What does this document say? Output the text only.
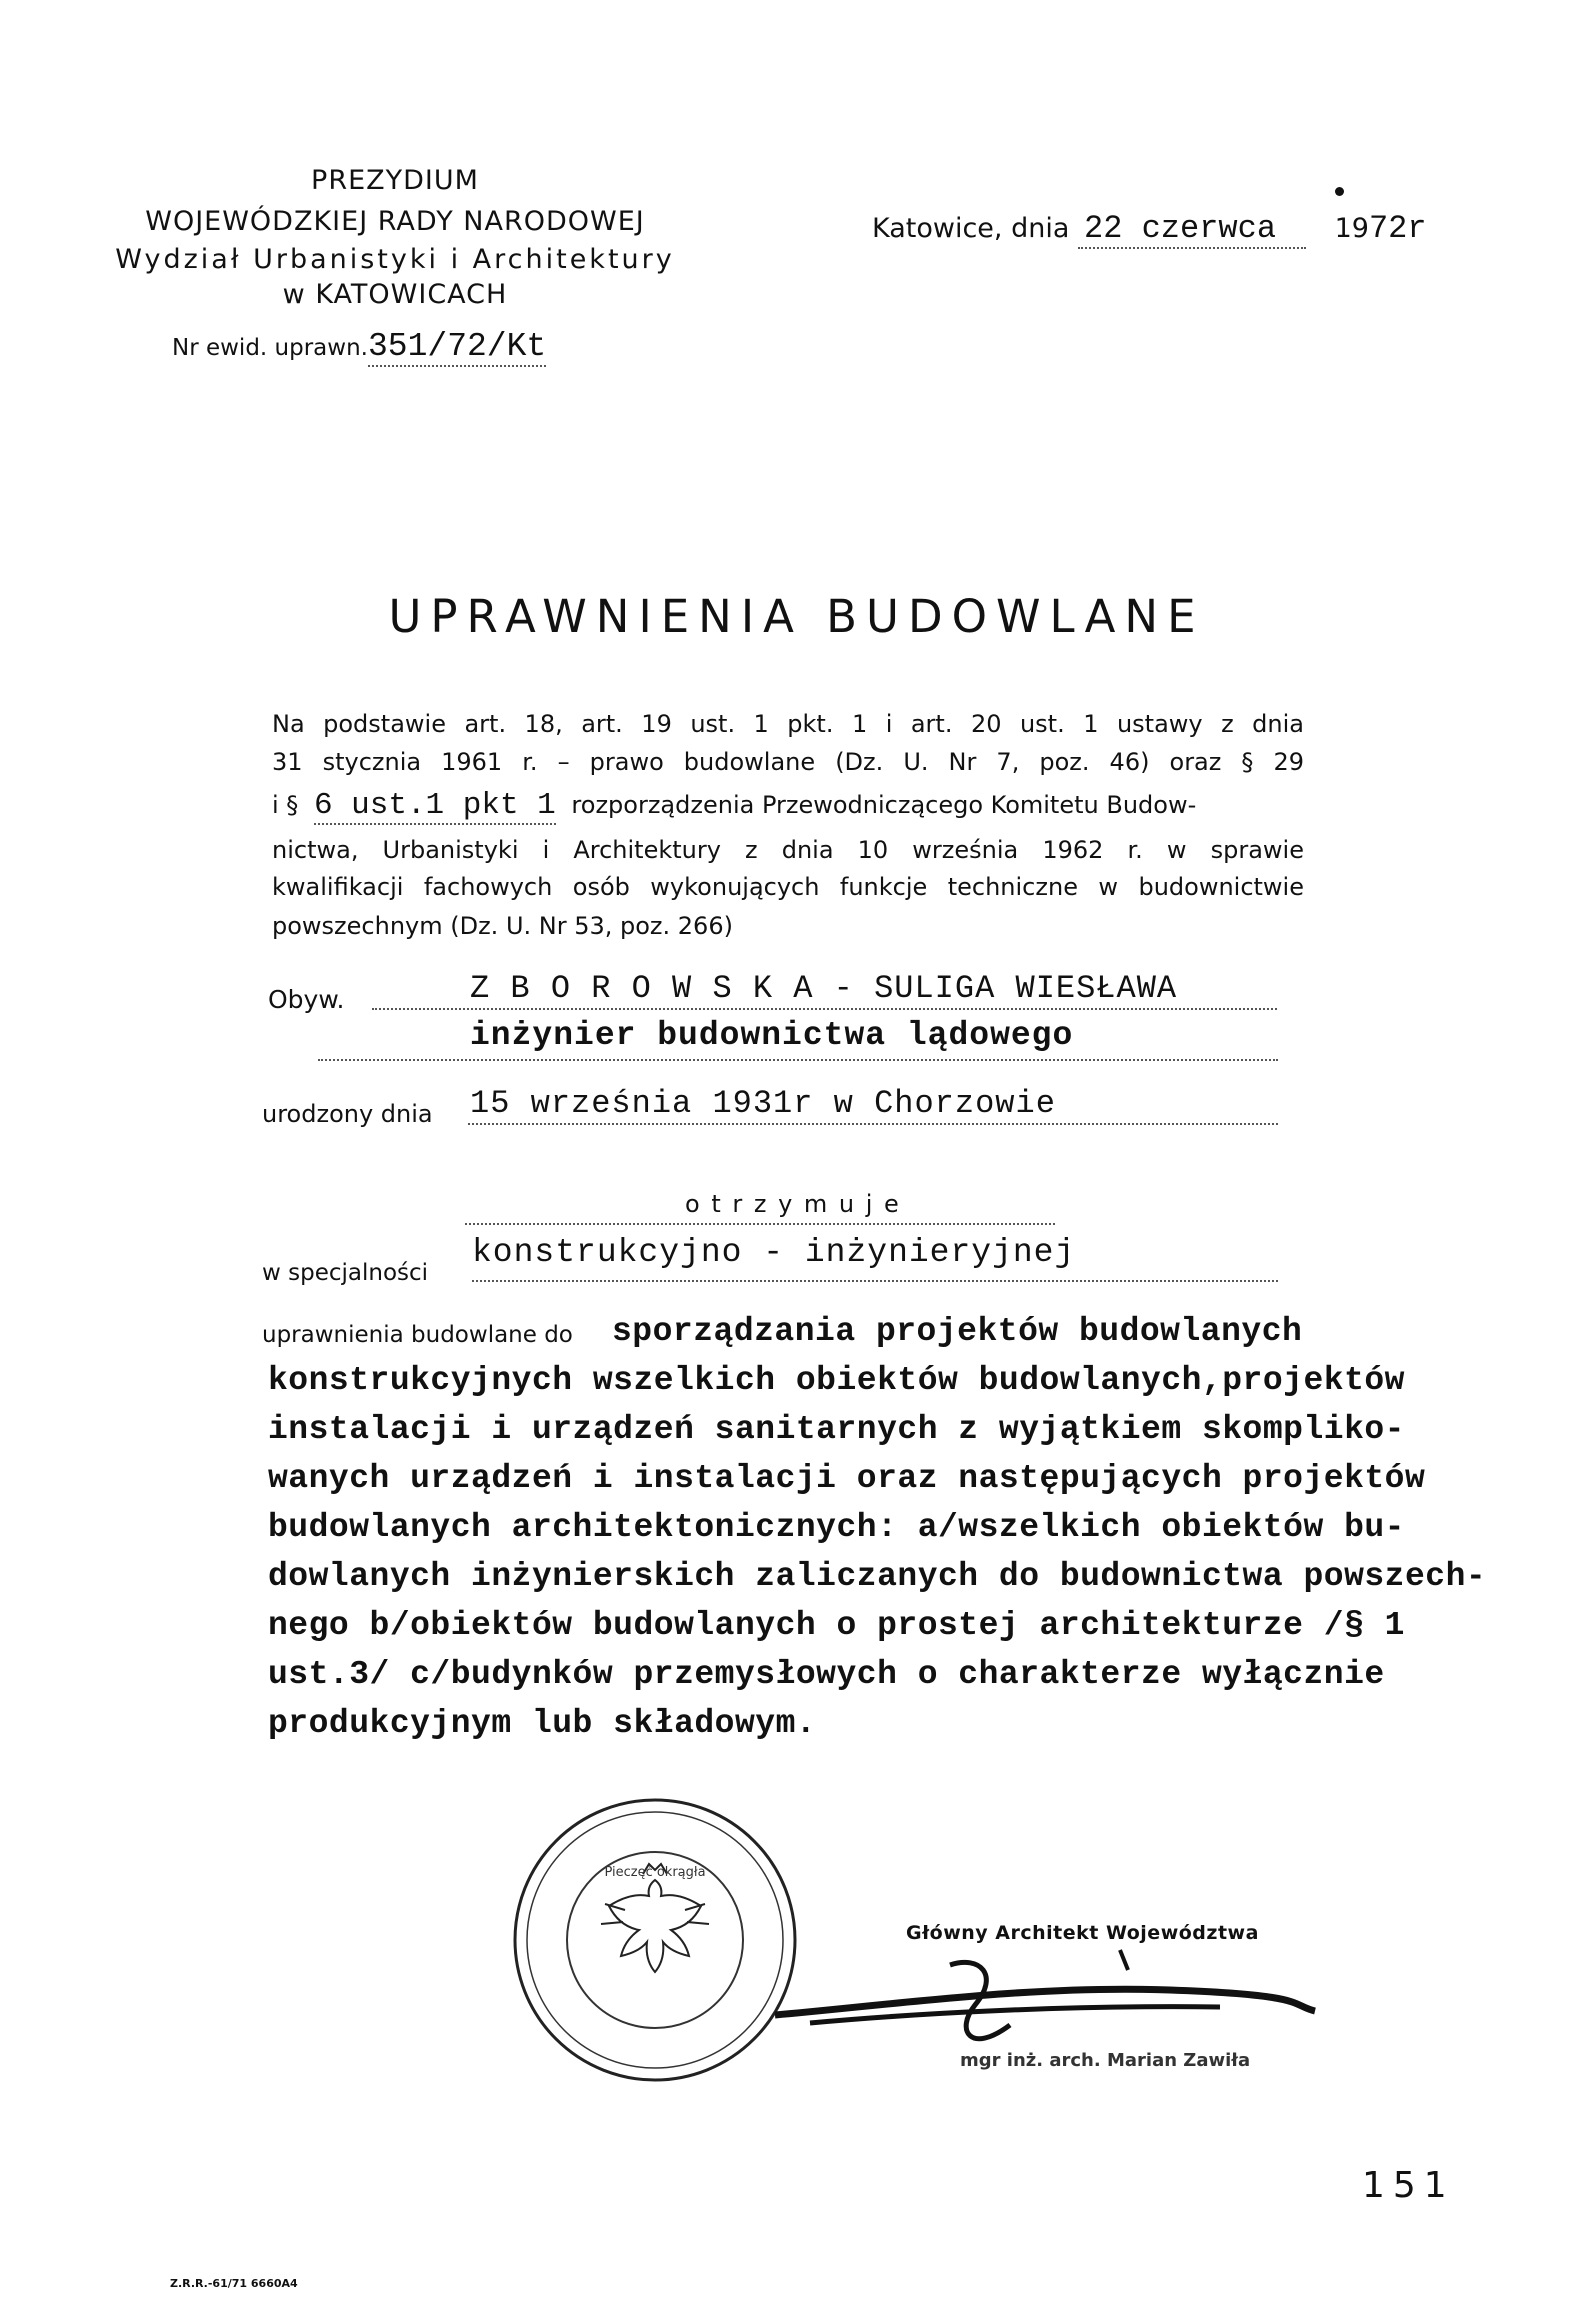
PREZYDIUM
WOJEWÓDZKIEJ RADY NARODOWEJ
Wydział Urbanistyki i Architektury
w KATOWICACH
Nr ewid. uprawn.351/72/Kt
Katowice, dnia 22 czerwca 1972r
UPRAWNIENIA BUDOWLANE
Na podstawie art. 18, art. 19 ust. 1 pkt. 1 i art. 20 ust. 1 ustawy z dnia
31 stycznia 1961 r. – prawo budowlane (Dz. U. Nr 7, poz. 46) oraz § 29
i § 6 ust.1 pkt 1 rozporządzenia Przewodniczącego Komitetu Budow-
nictwa, Urbanistyki i Architektury z dnia 10 września 1962 r. w sprawie
kwalifikacji fachowych osób wykonujących funkcje techniczne w budownictwie
powszechnym (Dz. U. Nr 53, poz. 266)
Obyw.	Z B O R O W S K A - SULIGA WIESŁAWA
inżynier budownictwa lądowego
urodzony dnia 15 września 1931r w Chorzowie
o t r z y m u j e
w specjalności
konstrukcyjno - inżynieryjnej
uprawnienia budowlane do sporządzania projektów budowlanych
konstrukcyjnych wszelkich obiektów budowlanych,projektów
instalacji i urządzeń sanitarnych z wyjątkiem skompliko-
wanych urządzeń i instalacji oraz następujących projektów
budowlanych architektonicznych: a/wszelkich obiektów bu-
dowlanych inżynierskich zaliczanych do budownictwa powszech-
nego b/obiektów budowlanych o prostej architekturze /§ 1
ust.3/ c/budynków przemysłowych o charakterze wyłącznie
produkcyjnym lub składowym.
Pieczęć okrągła
Główny Architekt Województwa
mgr inż. arch. Marian Zawiła
151
Z.R.R.-61/71 6660A4
